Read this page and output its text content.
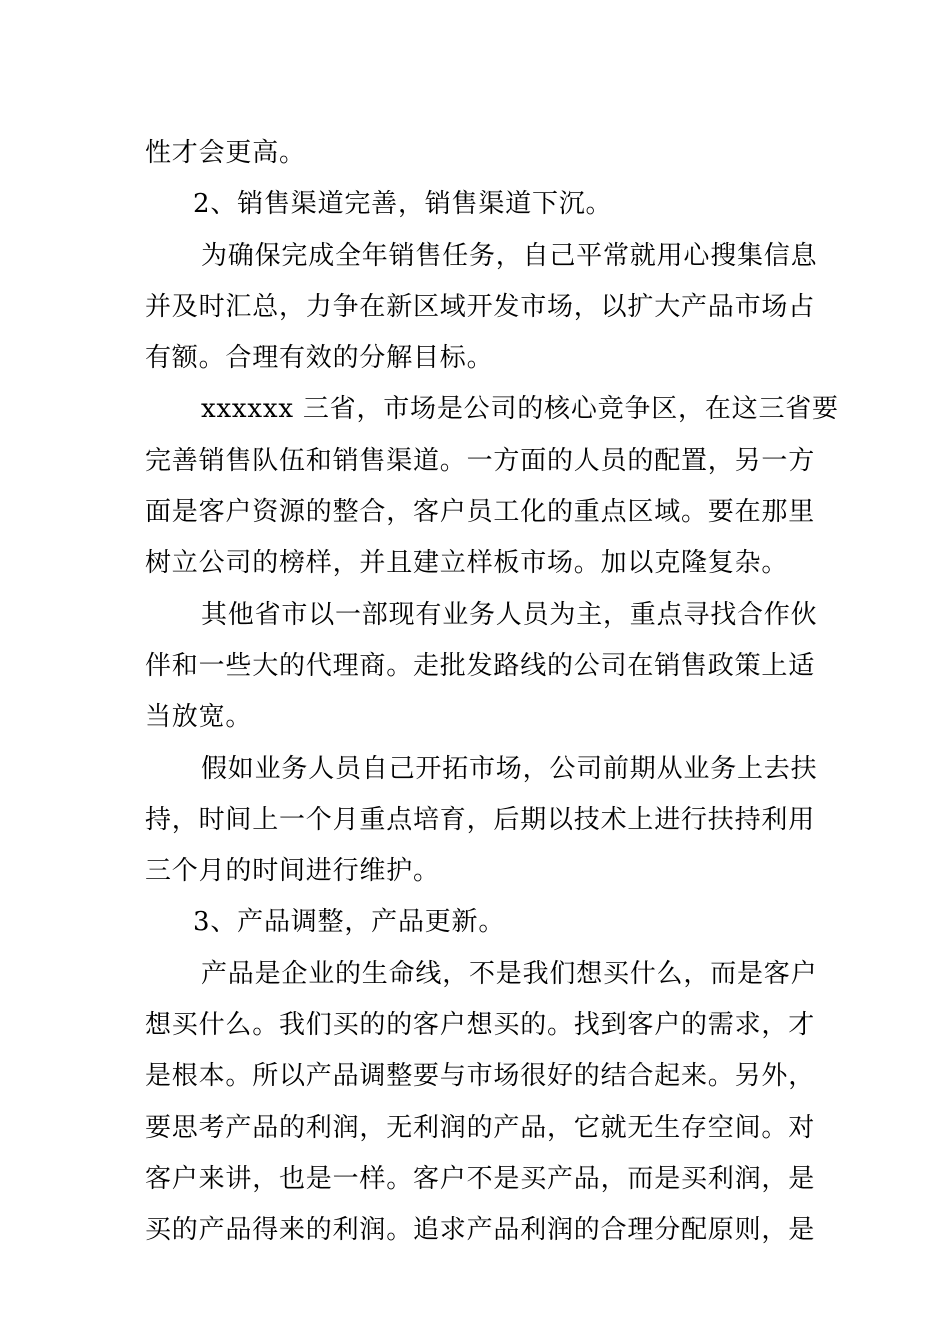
性才会更高。
2、销售渠道完善，销售渠道下沉。
为确保完成全年销售任务，自己平常就用心搜集信息
并及时汇总，力争在新区域开发市场，以扩大产品市场占
有额。合理有效的分解目标。
xxxxxx 三省，市场是公司的核心竞争区，在这三省要
完善销售队伍和销售渠道。一方面的人员的配置，另一方
面是客户资源的整合，客户员工化的重点区域。要在那里
树立公司的榜样，并且建立样板市场。加以克隆复杂。
其他省市以一部现有业务人员为主，重点寻找合作伙
伴和一些大的代理商。走批发路线的公司在销售政策上适
当放宽。
假如业务人员自己开拓市场，公司前期从业务上去扶
持，时间上一个月重点培育，后期以技术上进行扶持利用
三个月的时间进行维护。
3、产品调整，产品更新。
产品是企业的生命线，不是我们想买什么，而是客户
想买什么。我们买的的客户想买的。找到客户的需求，才
是根本。所以产品调整要与市场很好的结合起来。另外，
要思考产品的利润，无利润的产品，它就无生存空间。对
客户来讲，也是一样。客户不是买产品，而是买利润，是
买的产品得来的利润。追求产品利润的合理分配原则，是
